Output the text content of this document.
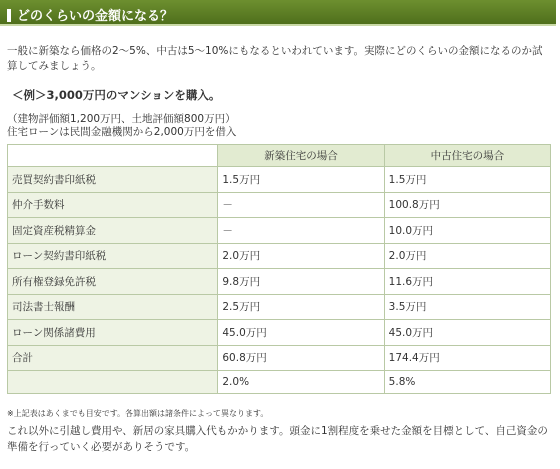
どのくらいの金額になる？
一般に新築なら価格の2～5%、中古は5～10%にもなるといわれています。実際にどのくらいの金額になるのか試算してみましょう。
＜例＞3,000万円のマンションを購入。
（建物評価額1,200万円、土地評価額800万円）
住宅ローンは民間金融機関から2,000万円を借入
	新築住宅の場合	中古住宅の場合
売買契約書印紙税	1.5万円	1.5万円
仲介手数料	－	100.8万円
固定資産税精算金	－	10.0万円
ローン契約書印紙税	2.0万円	2.0万円
所有権登録免許税	9.8万円	11.6万円
司法書士報酬	2.5万円	3.5万円
ローン関係諸費用	45.0万円	45.0万円
合計	60.8万円	174.4万円
	2.0%	5.8%
※上記表はあくまでも目安です。各算出額は諸条件によって異なります。
これ以外に引越し費用や、新居の家具購入代もかかります。頭金に1割程度を乗せた金額を目標として、自己資金の準備を行っていく必要がありそうです。
